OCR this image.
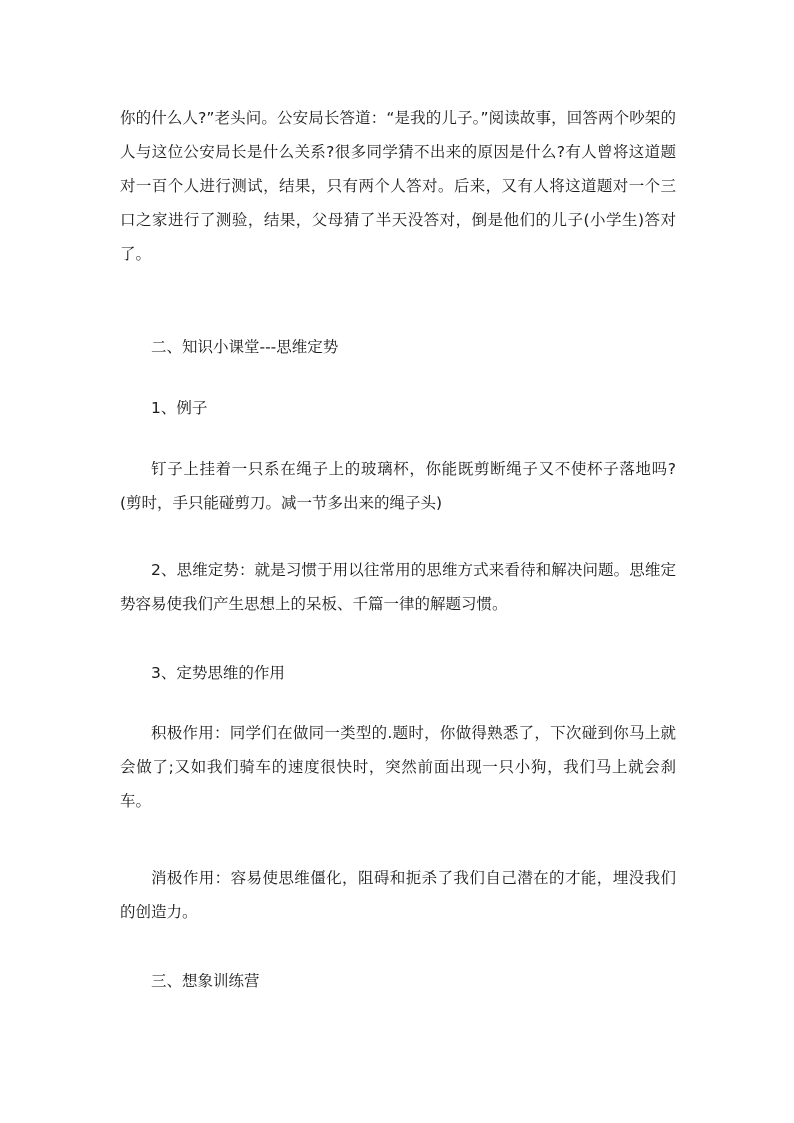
你的什么人?”老头问。公安局长答道：“是我的儿子。”阅读故事，回答两个吵架的人与这位公安局长是什么关系?很多同学猜不出来的原因是什么?有人曾将这道题对一百个人进行测试，结果，只有两个人答对。后来，又有人将这道题对一个三口之家进行了测验，结果，父母猜了半天没答对，倒是他们的儿子(小学生)答对了。

二、知识小课堂---思维定势

1、例子

钉子上挂着一只系在绳子上的玻璃杯，你能既剪断绳子又不使杯子落地吗?(剪时，手只能碰剪刀。减一节多出来的绳子头)

2、思维定势：就是习惯于用以往常用的思维方式来看待和解决问题。思维定势容易使我们产生思想上的呆板、千篇一律的解题习惯。

3、定势思维的作用

积极作用：同学们在做同一类型的.题时，你做得熟悉了，下次碰到你马上就会做了;又如我们骑车的速度很快时，突然前面出现一只小狗，我们马上就会刹车。

消极作用：容易使思维僵化，阻碍和扼杀了我们自己潜在的才能，埋没我们的创造力。

三、想象训练营
